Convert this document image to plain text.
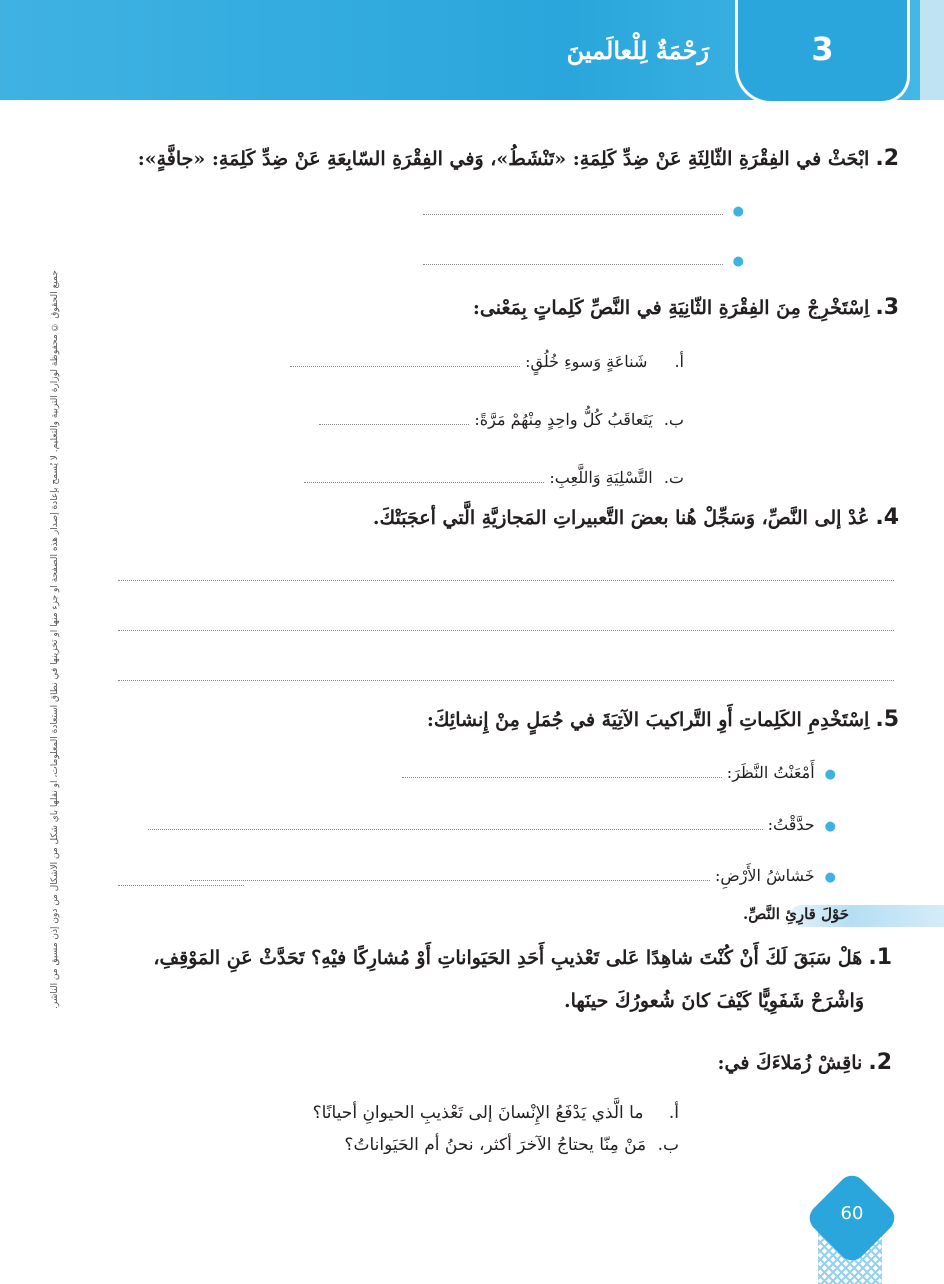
3
رَحْمَةٌ لِلْعالَمينَ
جميع الحقوق © محفوظة لوزارة التربية والتعليم. لا يُسمح بإعادة إصدار هذه الصفحة أو جزء منها أو تخزينها في نطاق استعادة المعلومات، أو نقلها بأي شكل من الأشكال من دون إذن مسبق من الناشر.
2.ابْحَثْ في الفِقْرَةِ الثّالِثَةِ عَنْ ضِدِّ كَلِمَةِ: «تَنْشَطُ»، وَفي الفِقْرَةِ السّابِعَةِ عَنْ ضِدِّ كَلِمَةِ: «جافَّةٍ»:
●
●
3.اِسْتَخْرِجْ مِنَ الفِقْرَةِ الثّانِيَةِ في النَّصِّ كَلِماتٍ بِمَعْنى:
أ. شَناعَةٍ وَسوءِ خُلُقٍ:
ب. يَتَعاقَبُ كُلُّ واحِدٍ مِنْهُمْ مَرَّةً:
ت. التَّسْلِيَةِ وَاللَّعِبِ:
4.عُدْ إلى النَّصِّ، وَسَجِّلْ هُنا بعضَ التَّعبيراتِ المَجازيَّةِ الَّتي أعجَبَتْكَ.
5.اِسْتَخْدِمِ الكَلِماتِ أَوِ التَّراكيبَ الآتِيَةَ في جُمَلٍ مِنْ إِنشائِكَ:
●أَمْعَنْتُ النَّظَرَ:
●حدَّقْتُ:
●خَشاشُ الأَرْضِ:
حَوْلَ قارِئِ النَّصِّ.
1.هَلْ سَبَقَ لَكَ أَنْ كُنْتَ شاهِدًا عَلى تَعْذيبِ أَحَدِ الحَيَواناتِ أَوْ مُشارِكًا فيْهِ؟ تَحَدَّثْ عَنِ المَوْقِفِ،
وَاشْرَحْ شَفَوِيًّا كَيْفَ كانَ شُعورُكَ حينَها.
2.ناقِشْ زُمَلاءَكَ في:
أ. ما الَّذي يَدْفَعُ الإِنْسانَ إلى تَعْذيبِ الحيوانِ أحيانًا؟
ب. مَنْ مِنّا يحتاجُ الآخرَ أكثر، نحنُ أم الحَيَواناتُ؟
60
